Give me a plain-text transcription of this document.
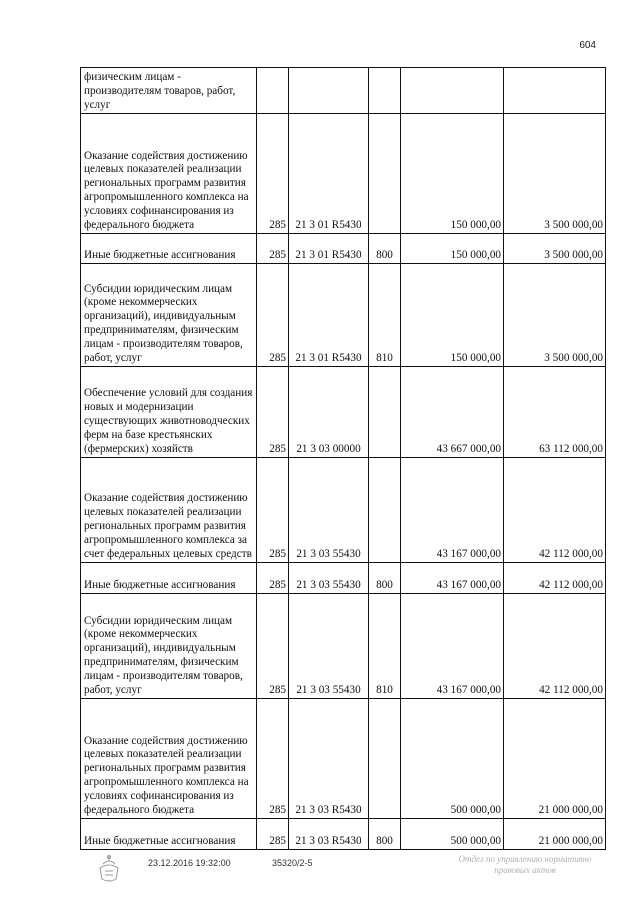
604
физическим лицам - производителям товаров, работ, услуг					
Оказание содействия достижению целевых показателей реализации региональных программ развития агропромышленного комплекса на условиях софинансирования из федерального бюджета	285	21 3 01 R5430		150 000,00	3 500 000,00
Иные бюджетные ассигнования	285	21 3 01 R5430	800	150 000,00	3 500 000,00
Субсидии юридическим лицам (кроме некоммерческих организаций), индивидуальным предпринимателям, физическим лицам - производителям товаров, работ, услуг	285	21 3 01 R5430	810	150 000,00	3 500 000,00
Обеспечение условий для создания новых и модернизации существующих животноводческих ферм на базе крестьянских (фермерских) хозяйств	285	21 3 03 00000		43 667 000,00	63 112 000,00
Оказание содействия достижению целевых показателей реализации региональных программ развития агропромышленного комплекса за счет федеральных целевых средств	285	21 3 03 55430		43 167 000,00	42 112 000,00
Иные бюджетные ассигнования	285	21 3 03 55430	800	43 167 000,00	42 112 000,00
Субсидии юридическим лицам (кроме некоммерческих организаций), индивидуальным предпринимателям, физическим лицам - производителям товаров, работ, услуг	285	21 3 03 55430	810	43 167 000,00	42 112 000,00
Оказание содействия достижению целевых показателей реализации региональных программ развития агропромышленного комплекса на условиях софинансирования из федерального бюджета	285	21 3 03 R5430		500 000,00	21 000 000,00
Иные бюджетные ассигнования	285	21 3 03 R5430	800	500 000,00	21 000 000,00
23.12.2016 19:32:00	35320/2-5	Отдел по управлению нормативно
правовых актов
